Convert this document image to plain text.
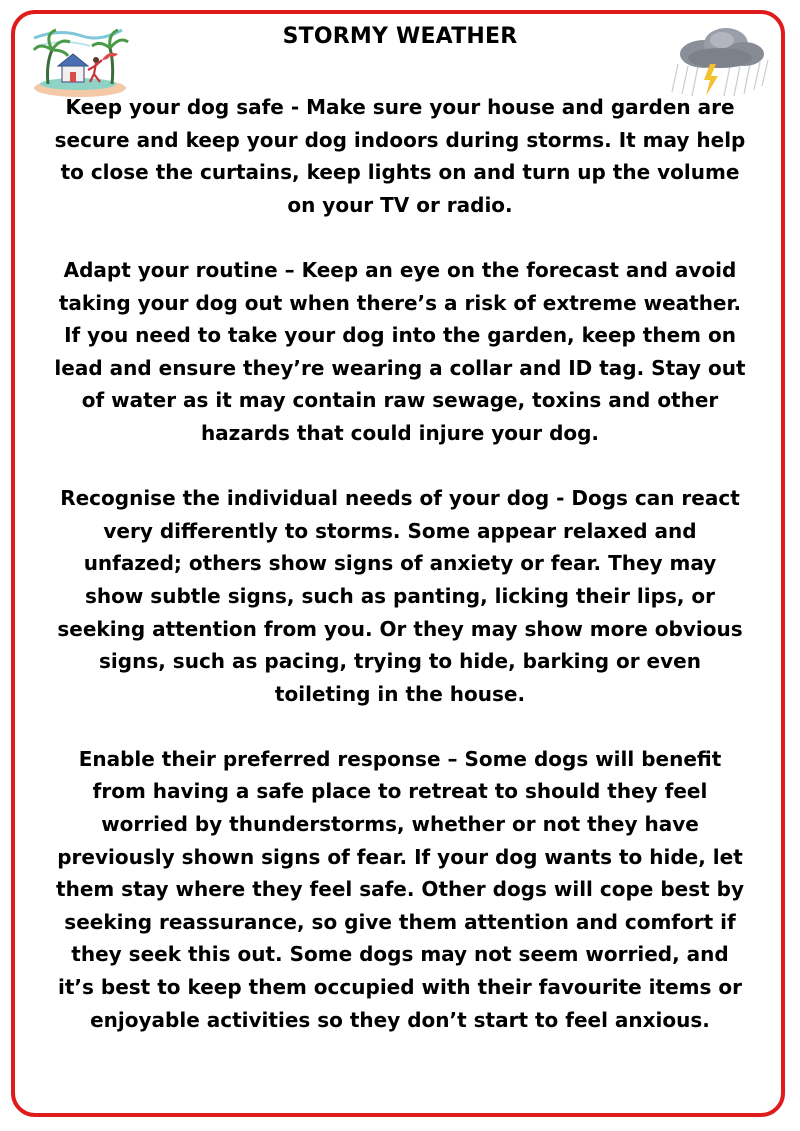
STORMY WEATHER

Keep your dog safe - Make sure your house and garden are secure and keep your dog indoors during storms. It may help to close the curtains, keep lights on and turn up the volume on your TV or radio.

Adapt your routine – Keep an eye on the forecast and avoid taking your dog out when there’s a risk of extreme weather. If you need to take your dog into the garden, keep them on lead and ensure they’re wearing a collar and ID tag. Stay out of water as it may contain raw sewage, toxins and other hazards that could injure your dog.

Recognise the individual needs of your dog - Dogs can react very differently to storms. Some appear relaxed and unfazed; others show signs of anxiety or fear. They may show subtle signs, such as panting, licking their lips, or seeking attention from you. Or they may show more obvious signs, such as pacing, trying to hide, barking or even toileting in the house.

Enable their preferred response – Some dogs will benefit from having a safe place to retreat to should they feel worried by thunderstorms, whether or not they have previously shown signs of fear. If your dog wants to hide, let them stay where they feel safe. Other dogs will cope best by seeking reassurance, so give them attention and comfort if they seek this out. Some dogs may not seem worried, and it’s best to keep them occupied with their favourite items or enjoyable activities so they don’t start to feel anxious.
